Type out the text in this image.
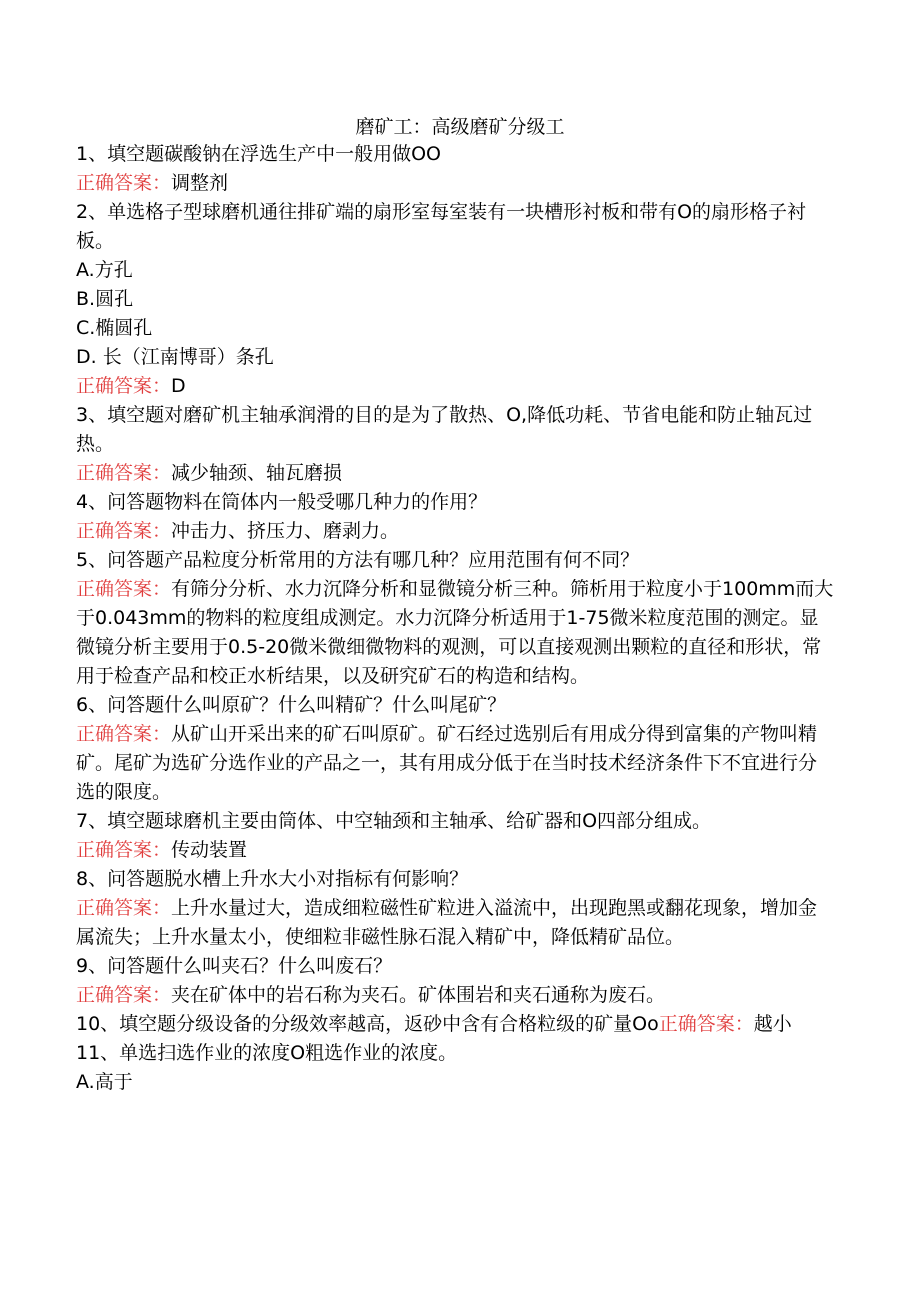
磨矿工：高级磨矿分级工
1、填空题碳酸钠在浮选生产中一般用做OO
正确答案：调整剂
2、单选格子型球磨机通往排矿端的扇形室每室装有一块槽形衬板和带有O的扇形格子衬板。
A.方孔
B.圆孔
C.椭圆孔
D. 长（江南博哥）条孔
正确答案：D
3、填空题对磨矿机主轴承润滑的目的是为了散热、O,降低功耗、节省电能和防止轴瓦过热。
正确答案：减少轴颈、轴瓦磨损
4、问答题物料在筒体内一般受哪几种力的作用？
正确答案：冲击力、挤压力、磨剥力。
5、问答题产品粒度分析常用的方法有哪几种？应用范围有何不同？
正确答案：有筛分分析、水力沉降分析和显微镜分析三种。筛析用于粒度小于100mm而大于0.043mm的物料的粒度组成测定。水力沉降分析适用于1-75微米粒度范围的测定。显微镜分析主要用于0.5-20微米微细微物料的观测，可以直接观测出颗粒的直径和形状，常用于检查产品和校正水析结果，以及研究矿石的构造和结构。
6、问答题什么叫原矿？什么叫精矿？什么叫尾矿？
正确答案：从矿山开采出来的矿石叫原矿。矿石经过选别后有用成分得到富集的产物叫精矿。尾矿为选矿分选作业的产品之一，其有用成分低于在当时技术经济条件下不宜进行分选的限度。
7、填空题球磨机主要由筒体、中空轴颈和主轴承、给矿器和O四部分组成。
正确答案：传动装置
8、问答题脱水槽上升水大小对指标有何影响？
正确答案：上升水量过大，造成细粒磁性矿粒进入溢流中，出现跑黑或翻花现象，增加金属流失；上升水量太小，使细粒非磁性脉石混入精矿中，降低精矿品位。
9、问答题什么叫夹石？什么叫废石？
正确答案：夹在矿体中的岩石称为夹石。矿体围岩和夹石通称为废石。
10、填空题分级设备的分级效率越高，返砂中含有合格粒级的矿量Oo正确答案：越小
11、单选扫选作业的浓度O粗选作业的浓度。
A.高于
